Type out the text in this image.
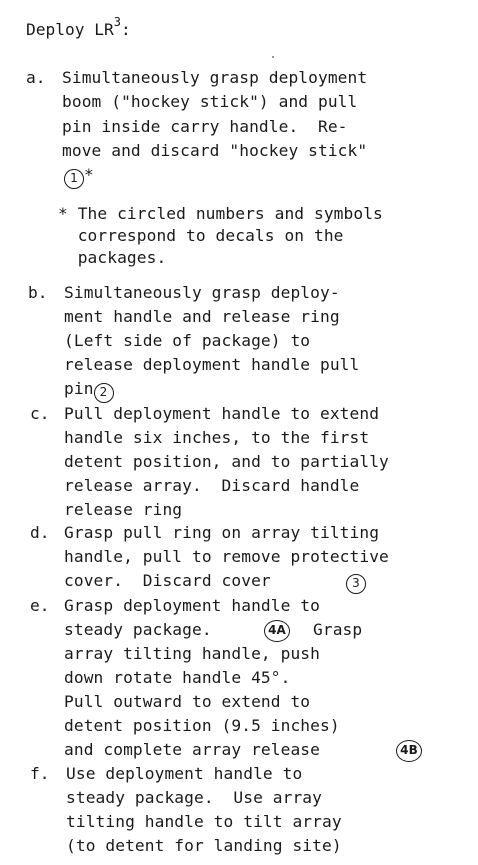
Deploy $LR^3$:
a. Simultaneously grasp deployment
boom ("hockey stick") and pull
pin inside carry handle.  Re-
move and discard "hockey stick"
1 *
* The circled numbers and symbols
correspond to decals on the
packages.
b. Simultaneously grasp deploy-
ment handle and release ring
(Left side of package) to
release deployment handle pull
pin 2
c. Pull deployment handle to extend
handle six inches, to the first
detent position, and to partially
release array.  Discard handle
release ring
d. Grasp pull ring on array tilting
handle, pull to remove protective
cover.  Discard cover	3
e. Grasp deployment handle to
steady package.	4A Grasp
array tilting handle, push
down rotate handle 45°.
Pull outward to extend to
detent position (9.5 inches)
and complete array release	4B
f. Use deployment handle to
steady package.  Use array
tilting handle to tilt array
(to detent for landing site)
